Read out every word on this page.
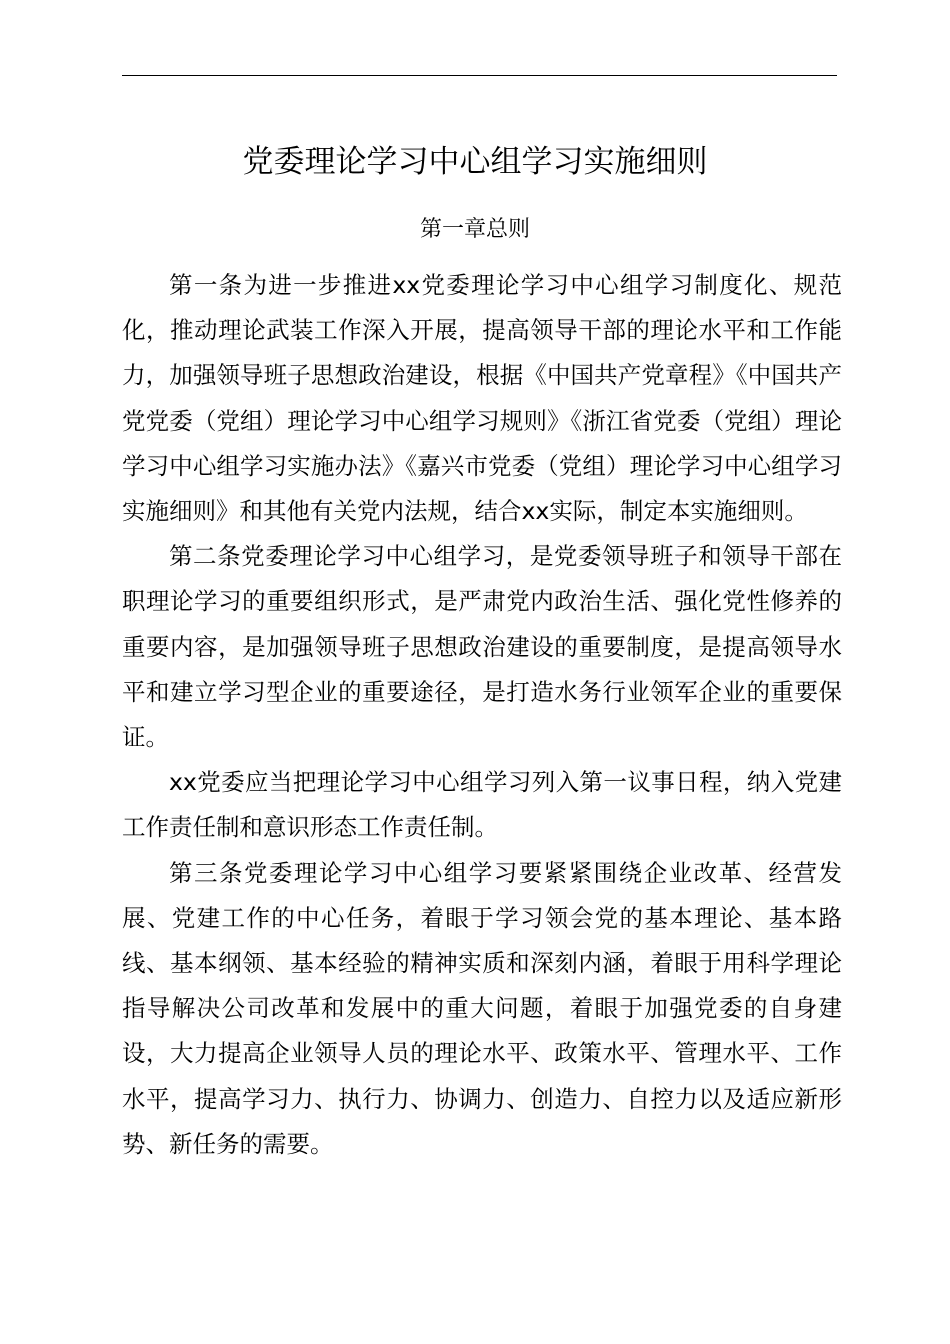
党委理论学习中心组学习实施细则
第一章总则

第一条为进一步推进xx党委理论学习中心组学习制度化、规范化，推动理论武装工作深入开展，提高领导干部的理论水平和工作能力，加强领导班子思想政治建设，根据《中国共产党章程》《中国共产党党委（党组）理论学习中心组学习规则》《浙江省党委（党组）理论学习中心组学习实施办法》《嘉兴市党委（党组）理论学习中心组学习实施细则》和其他有关党内法规，结合xx实际，制定本实施细则。

第二条党委理论学习中心组学习，是党委领导班子和领导干部在职理论学习的重要组织形式，是严肃党内政治生活、强化党性修养的重要内容，是加强领导班子思想政治建设的重要制度，是提高领导水平和建立学习型企业的重要途径，是打造水务行业领军企业的重要保证。

xx党委应当把理论学习中心组学习列入第一议事日程，纳入党建工作责任制和意识形态工作责任制。

第三条党委理论学习中心组学习要紧紧围绕企业改革、经营发展、党建工作的中心任务，着眼于学习领会党的基本理论、基本路线、基本纲领、基本经验的精神实质和深刻内涵，着眼于用科学理论指导解决公司改革和发展中的重大问题，着眼于加强党委的自身建设，大力提高企业领导人员的理论水平、政策水平、管理水平、工作水平，提高学习力、执行力、协调力、创造力、自控力以及适应新形势、新任务的需要。
